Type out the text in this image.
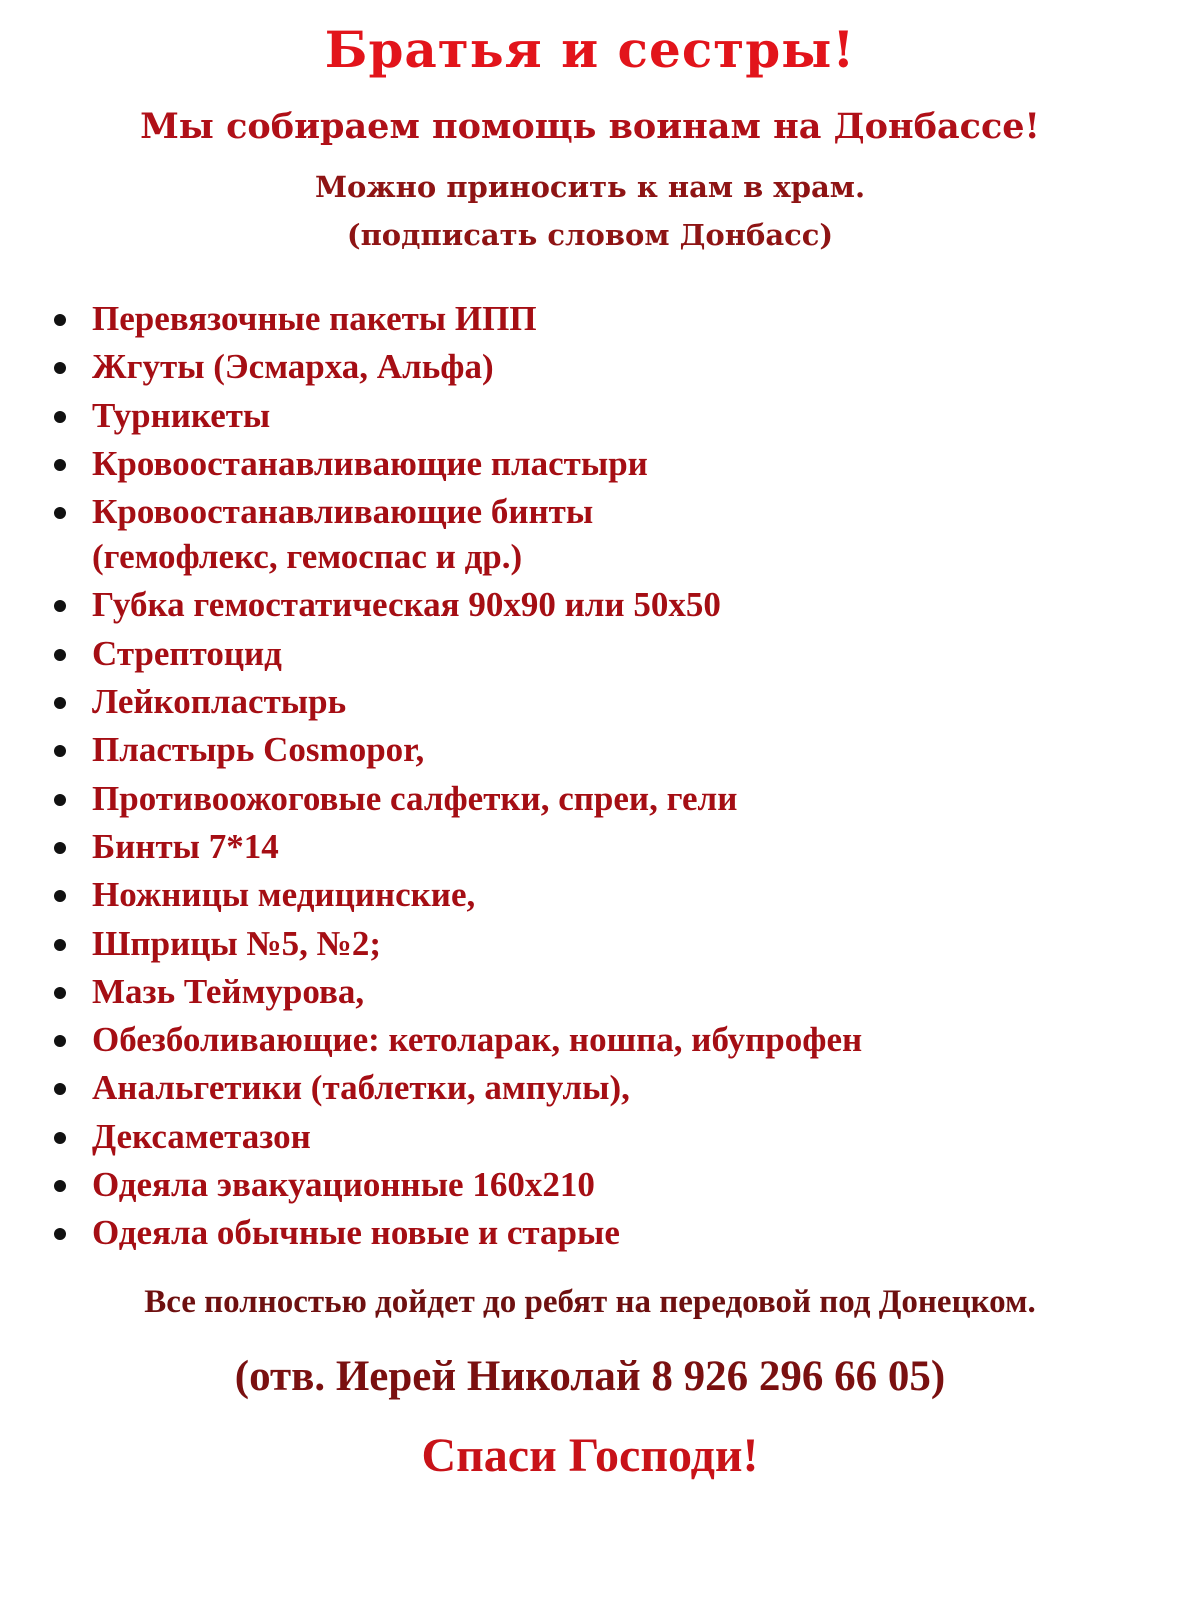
Братья и сестры!
Мы собираем помощь воинам на Донбассе!
Можно приносить к нам в храм.
(подписать словом Донбасс)
Перевязочные пакеты ИПП
Жгуты (Эсмарха, Альфа)
Турникеты
Кровоостанавливающие пластыри
Кровоостанавливающие бинты
(гемофлекс, гемоспас и др.)
Губка гемостатическая 90х90 или 50х50
Стрептоцид
Лейкопластырь
Пластырь Cosmopor,
Противоожоговые салфетки, спреи, гели
Бинты 7*14
Ножницы медицинские,
Шприцы №5, №2;
Мазь Теймурова,
Обезболивающие: кетоларак, ношпа, ибупрофен
Анальгетики (таблетки, ампулы),
Дексаметазон
Одеяла эвакуационные 160х210
Одеяла обычные новые и старые
Все полностью дойдет до ребят на передовой под Донецком.
(отв. Иерей Николай 8 926 296 66 05)
Спаси Господи!
